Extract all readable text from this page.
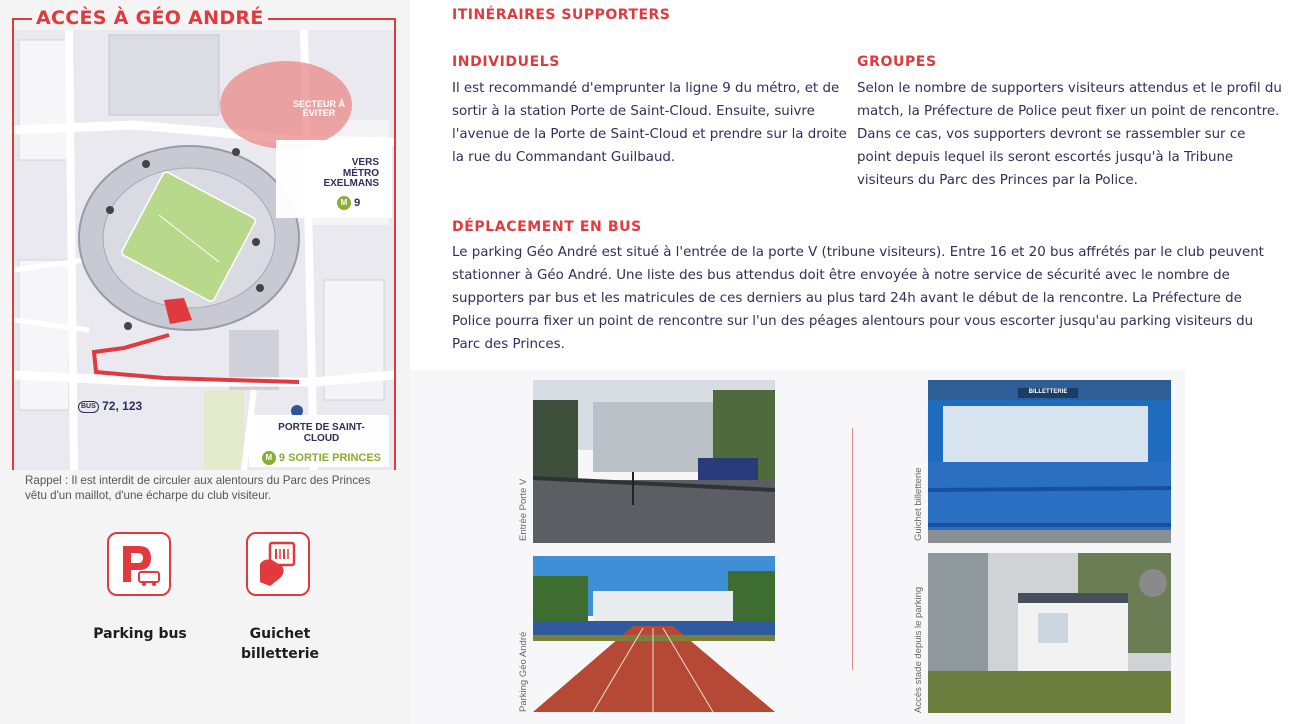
ACCÈS À GÉO ANDRÉ
SECTEUR À ÉVITER
VERS MÉTRO EXELMANS
M 9
BUS 72, 123
PORTE DE SAINT-CLOUD
M 9 SORTIE PRINCES
Rappel : Il est interdit de circuler aux alentours du Parc des Princes vêtu d'un maillot, d'une écharpe du club visiteur.
Parking bus	Guichet billetterie
ITINÉRAIRES SUPPORTERS
INDIVIDUELS
Il est recommandé d'emprunter la ligne 9 du métro, et de sortir à la station Porte de Saint-Cloud. Ensuite, suivre l'avenue de la Porte de Saint-Cloud et prendre sur la droite la rue du Commandant Guilbaud.
GROUPES
Selon le nombre de supporters visiteurs attendus et le profil du match, la Préfecture de Police peut fixer un point de rencontre. Dans ce cas, vos supporters devront se rassembler sur ce point depuis lequel ils seront escortés jusqu'à la Tribune visiteurs du Parc des Princes par la Police.
DÉPLACEMENT EN BUS
Le parking Géo André est situé à l'entrée de la porte V (tribune visiteurs). Entre 16 et 20 bus affrétés par le club peuvent stationner à Géo André. Une liste des bus attendus doit être envoyée à notre service de sécurité avec le nombre de supporters par bus et les matricules de ces derniers au plus tard 24h avant le début de la rencontre. La Préfecture de Police pourra fixer un point de rencontre sur l'un des péages alentours pour vous escorter jusqu'au parking visiteurs du Parc des Princes.
BILLETTERIE
Entrée Porte V
Parking Géo André
Guichet billetterie
Accès stade depuis le parking
